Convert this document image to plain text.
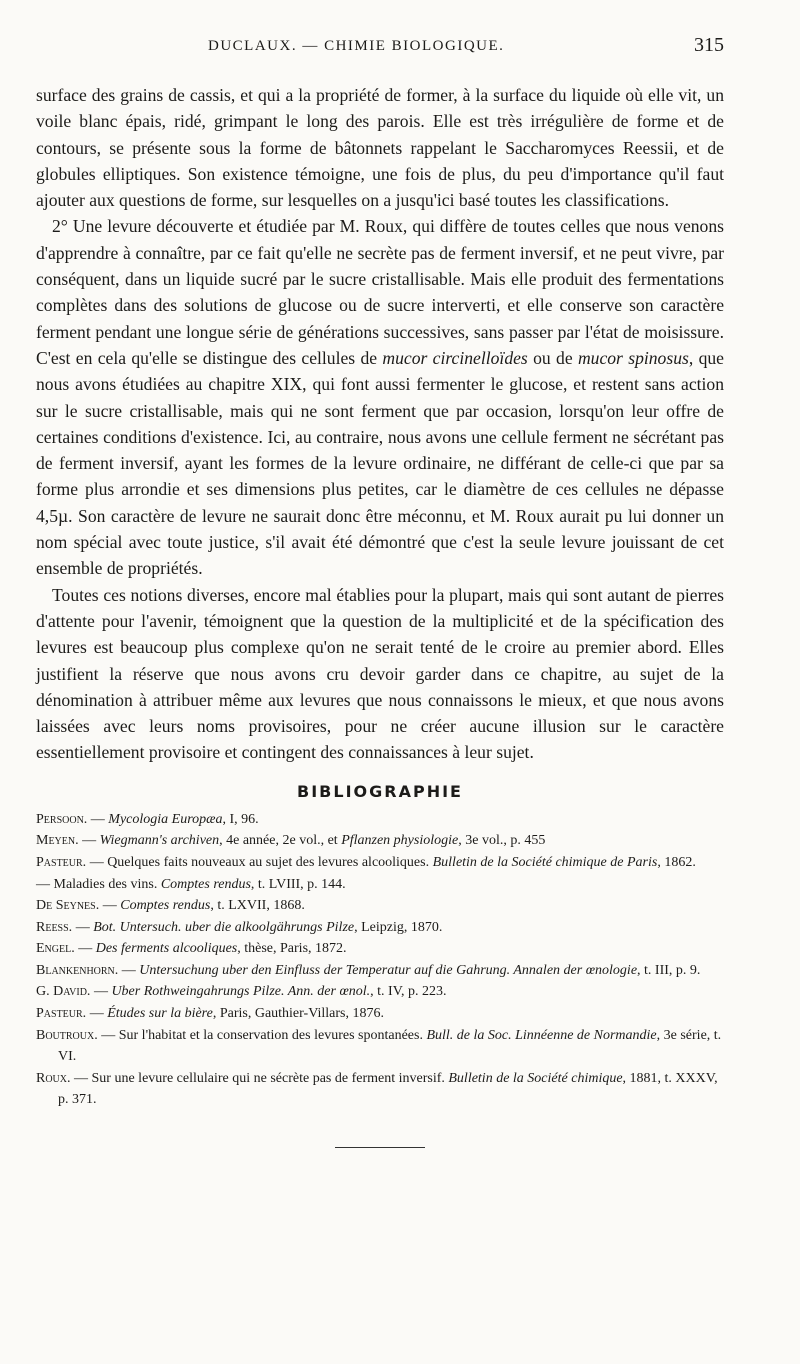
DUCLAUX. — CHIMIE BIOLOGIQUE.	315

surface des grains de cassis, et qui a la propriété de former, à la surface du liquide où elle vit, un voile blanc épais, ridé, grimpant le long des parois. Elle est très irrégulière de forme et de contours, se présente sous la forme de bâtonnets rappelant le Saccharomyces Reessii, et de globules elliptiques. Son existence témoigne, une fois de plus, du peu d'importance qu'il faut ajouter aux questions de forme, sur lesquelles on a jusqu'ici basé toutes les classifications.

2° Une levure découverte et étudiée par M. Roux, qui diffère de toutes celles que nous venons d'apprendre à connaître, par ce fait qu'elle ne secrète pas de ferment inversif, et ne peut vivre, par conséquent, dans un liquide sucré par le sucre cristallisable. Mais elle produit des fermentations complètes dans des solutions de glucose ou de sucre interverti, et elle conserve son caractère ferment pendant une longue série de générations successives, sans passer par l'état de moisissure. C'est en cela qu'elle se distingue des cellules de mucor circinelloïdes ou de mucor spinosus, que nous avons étudiées au chapitre XIX, qui font aussi fermenter le glucose, et restent sans action sur le sucre cristallisable, mais qui ne sont ferment que par occasion, lorsqu'on leur offre de certaines conditions d'existence. Ici, au contraire, nous avons une cellule ferment ne sécrétant pas de ferment inversif, ayant les formes de la levure ordinaire, ne différant de celle-ci que par sa forme plus arrondie et ses dimensions plus petites, car le diamètre de ces cellules ne dépasse 4,5µ. Son caractère de levure ne saurait donc être méconnu, et M. Roux aurait pu lui donner un nom spécial avec toute justice, s'il avait été démontré que c'est la seule levure jouissant de cet ensemble de propriétés.

Toutes ces notions diverses, encore mal établies pour la plupart, mais qui sont autant de pierres d'attente pour l'avenir, témoignent que la question de la multiplicité et de la spécification des levures est beaucoup plus complexe qu'on ne serait tenté de le croire au premier abord. Elles justifient la réserve que nous avons cru devoir garder dans ce chapitre, au sujet de la dénomination à attribuer même aux levures que nous connaissons le mieux, et que nous avons laissées avec leurs noms provisoires, pour ne créer aucune illusion sur le caractère essentiellement provisoire et contingent des connaissances à leur sujet.

BIBLIOGRAPHIE

Persoon. — Mycologia Europæa, I, 96.

Meyen. — Wiegmann's archiven, 4e année, 2e vol., et Pflanzen physiologie, 3e vol., p. 455

Pasteur. — Quelques faits nouveaux au sujet des levures alcooliques. Bulletin de la Société chimique de Paris, 1862.

— Maladies des vins. Comptes rendus, t. LVIII, p. 144.

De Seynes. — Comptes rendus, t. LXVII, 1868.

Reess. — Bot. Untersuch. uber die alkoolgährungs Pilze, Leipzig, 1870.

Engel. — Des ferments alcooliques, thèse, Paris, 1872.

Blankenhorn. — Untersuchung uber den Einfluss der Temperatur auf die Gahrung. Annalen der œnologie, t. III, p. 9.

G. David. — Uber Rothweingahrungs Pilze. Ann. der œnol., t. IV, p. 223.

Pasteur. — Études sur la bière, Paris, Gauthier-Villars, 1876.

Boutroux. — Sur l'habitat et la conservation des levures spontanées. Bull. de la Soc. Linnéenne de Normandie, 3e série, t. VI.

Roux. — Sur une levure cellulaire qui ne sécrète pas de ferment inversif. Bulletin de la Société chimique, 1881, t. XXXV, p. 371.
